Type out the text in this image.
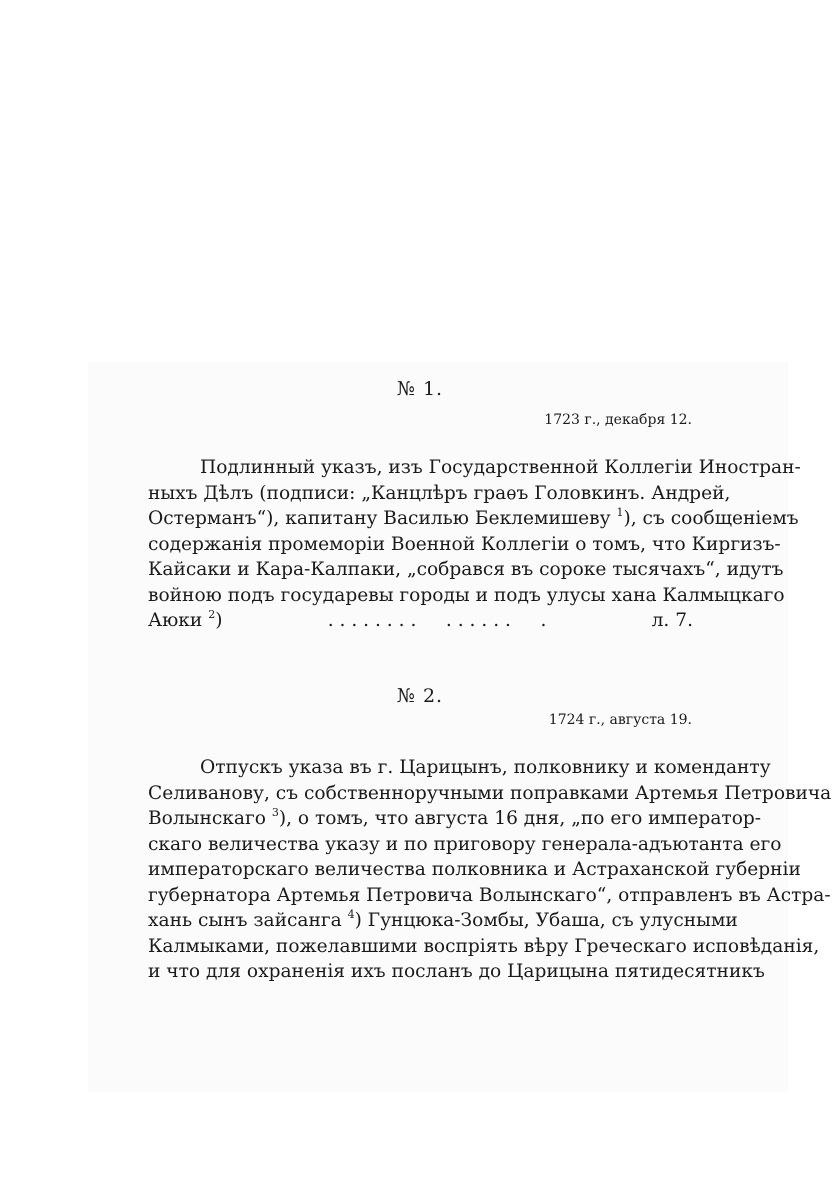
№ 1.
1723 г., декабря 12.
Подлинный указъ, изъ Государственной Коллегіи Иностран-
ныхъ Дѣлъ (подписи: „Канцлѣръ граѳъ Головкинъ. Андрей,
Остерманъ“), капитану Василью Беклемишеву $^1$), съ сообщеніемъ
содержанія промеморіи Военной Коллегіи о томъ, что Киргизъ-
Кайсаки и Кара-Калпаки, „собрався въ сороке тысячахъ“, идутъ
войною подъ государевы городы и подъ улусы хана Калмыцкаго
Аюки $^2$)	. . . . . . . .     . . . . . .     .	л. 7.
№ 2.
1724 г., августа 19.
Отпускъ указа въ г. Царицынъ, полковнику и коменданту
Селиванову, съ собственноручными поправками Артемья Петровича
Волынскаго $^3$), о томъ, что августа 16 дня, „по его император-
скаго величества указу и по приговору генерала-адъютанта его
императорскаго величества полковника и Астраханской губерніи
губернатора Артемья Петровича Волынскаго“, отправленъ въ Астра-
хань сынъ зайсанга $^4$) Гунцюка-Зомбы, Убаша, съ улусными
Калмыками, пожелавшими воспріять вѣру Греческаго исповѣданія,
и что для охраненія ихъ посланъ до Царицына пятидесятникъ
